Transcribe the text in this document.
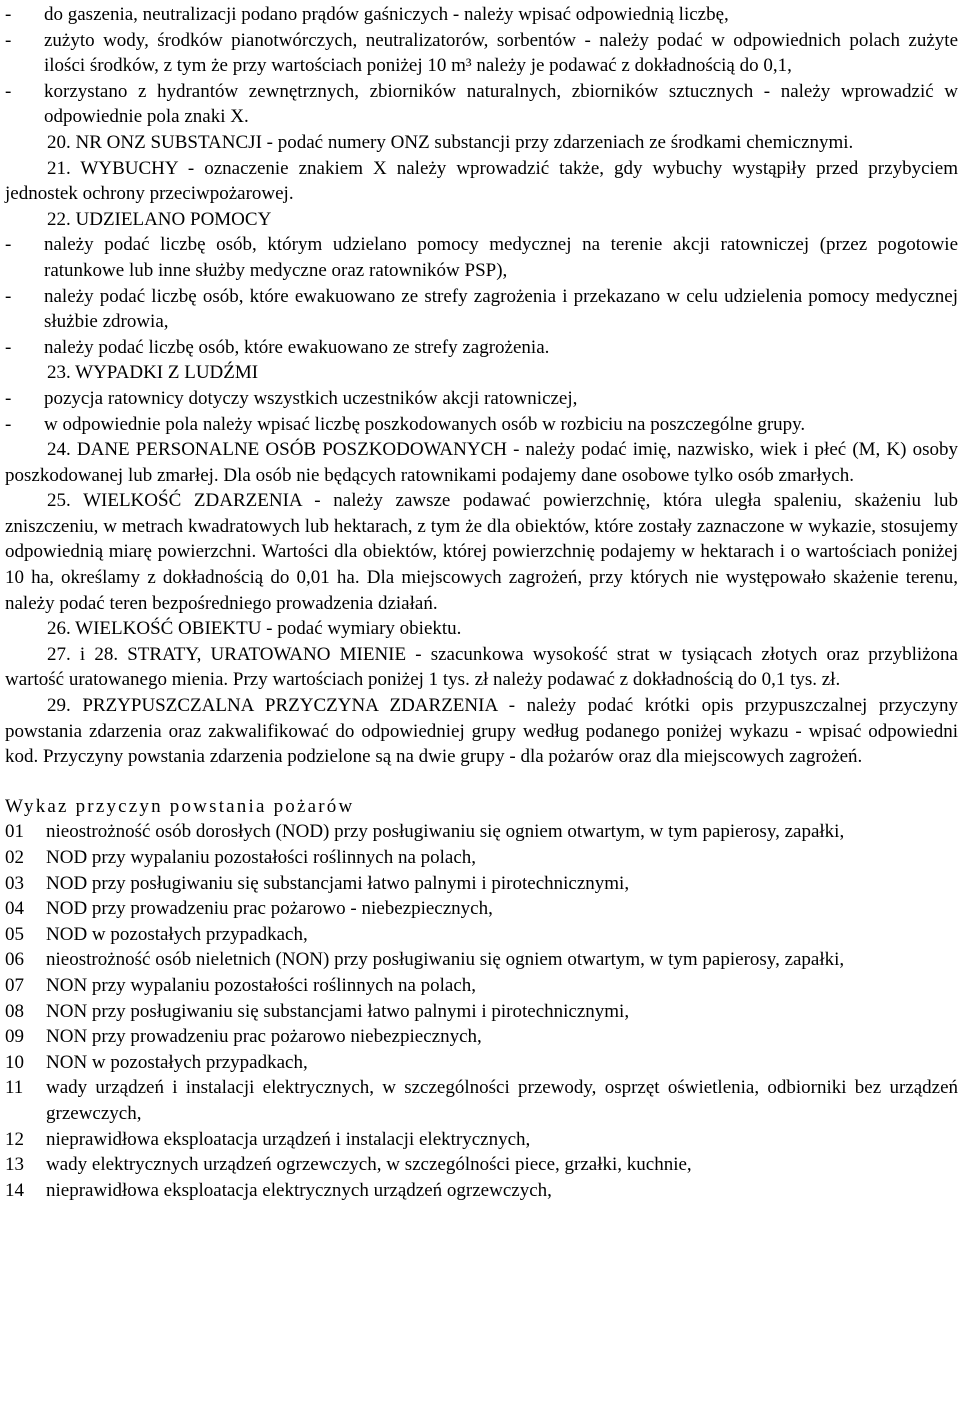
-	do gaszenia, neutralizacji podano prądów gaśniczych - należy wpisać odpowiednią liczbę,
-	zużyto wody, środków pianotwórczych, neutralizatorów, sorbentów - należy podać w odpowiednich polach zużyte ilości środków, z tym że przy wartościach poniżej 10 m³ należy je podawać z dokładnością do 0,1,
-	korzystano z hydrantów zewnętrznych, zbiorników naturalnych, zbiorników sztucznych - należy wprowadzić w odpowiednie pola znaki X.
20. NR ONZ SUBSTANCJI - podać numery ONZ substancji przy zdarzeniach ze środkami chemicznymi.
21. WYBUCHY - oznaczenie znakiem X należy wprowadzić także, gdy wybuchy wystąpiły przed przybyciem jednostek ochrony przeciwpożarowej.
22. UDZIELANO POMOCY
-	należy podać liczbę osób, którym udzielano pomocy medycznej na terenie akcji ratowniczej (przez pogotowie ratunkowe lub inne służby medyczne oraz ratowników PSP),
-	należy podać liczbę osób, które ewakuowano ze strefy zagrożenia i przekazano w celu udzielenia pomocy medycznej służbie zdrowia,
-	należy podać liczbę osób, które ewakuowano ze strefy zagrożenia.
23. WYPADKI Z LUDŹMI
-	pozycja ratownicy dotyczy wszystkich uczestników akcji ratowniczej,
-	w odpowiednie pola należy wpisać liczbę poszkodowanych osób w rozbiciu na poszczególne grupy.
24. DANE PERSONALNE OSÓB POSZKODOWANYCH - należy podać imię, nazwisko, wiek i płeć (M, K) osoby poszkodowanej lub zmarłej. Dla osób nie będących ratownikami podajemy dane osobowe tylko osób zmarłych.
25. WIELKOŚĆ ZDARZENIA - należy zawsze podawać powierzchnię, która uległa spaleniu, skażeniu lub zniszczeniu, w metrach kwadratowych lub hektarach, z tym że dla obiektów, które zostały zaznaczone w wykazie, stosujemy odpowiednią miarę powierzchni. Wartości dla obiektów, której powierzchnię podajemy w hektarach i o wartościach poniżej 10 ha, określamy z dokładnością do 0,01 ha. Dla miejscowych zagrożeń, przy których nie występowało skażenie terenu, należy podać teren bezpośredniego prowadzenia działań.
26. WIELKOŚĆ OBIEKTU - podać wymiary obiektu.
27. i 28. STRATY, URATOWANO MIENIE - szacunkowa wysokość strat w tysiącach złotych oraz przybliżona wartość uratowanego mienia. Przy wartościach poniżej 1 tys. zł należy podawać z dokładnością do 0,1 tys. zł.
29. PRZYPUSZCZALNA PRZYCZYNA ZDARZENIA - należy podać krótki opis przypuszczalnej przyczyny powstania zdarzenia oraz zakwalifikować do odpowiedniej grupy według podanego poniżej wykazu - wpisać odpowiedni kod. Przyczyny powstania zdarzenia podzielone są na dwie grupy - dla pożarów oraz dla miejscowych zagrożeń.
Wykaz przyczyn powstania pożarów
01	nieostrożność osób dorosłych (NOD) przy posługiwaniu się ogniem otwartym, w tym papierosy, zapałki,
02	NOD przy wypalaniu pozostałości roślinnych na polach,
03	NOD przy posługiwaniu się substancjami łatwo palnymi i pirotechnicznymi,
04	NOD przy prowadzeniu prac pożarowo - niebezpiecznych,
05	NOD w pozostałych przypadkach,
06	nieostrożność osób nieletnich (NON) przy posługiwaniu się ogniem otwartym, w tym papierosy, zapałki,
07	NON przy wypalaniu pozostałości roślinnych na polach,
08	NON przy posługiwaniu się substancjami łatwo palnymi i pirotechnicznymi,
09	NON przy prowadzeniu prac pożarowo niebezpiecznych,
10	NON w pozostałych przypadkach,
11	wady urządzeń i instalacji elektrycznych, w szczególności przewody, osprzęt oświetlenia, odbiorniki bez urządzeń grzewczych,
12	nieprawidłowa eksploatacja urządzeń i instalacji elektrycznych,
13	wady elektrycznych urządzeń ogrzewczych, w szczególności piece, grzałki, kuchnie,
14	nieprawidłowa eksploatacja elektrycznych urządzeń ogrzewczych,
